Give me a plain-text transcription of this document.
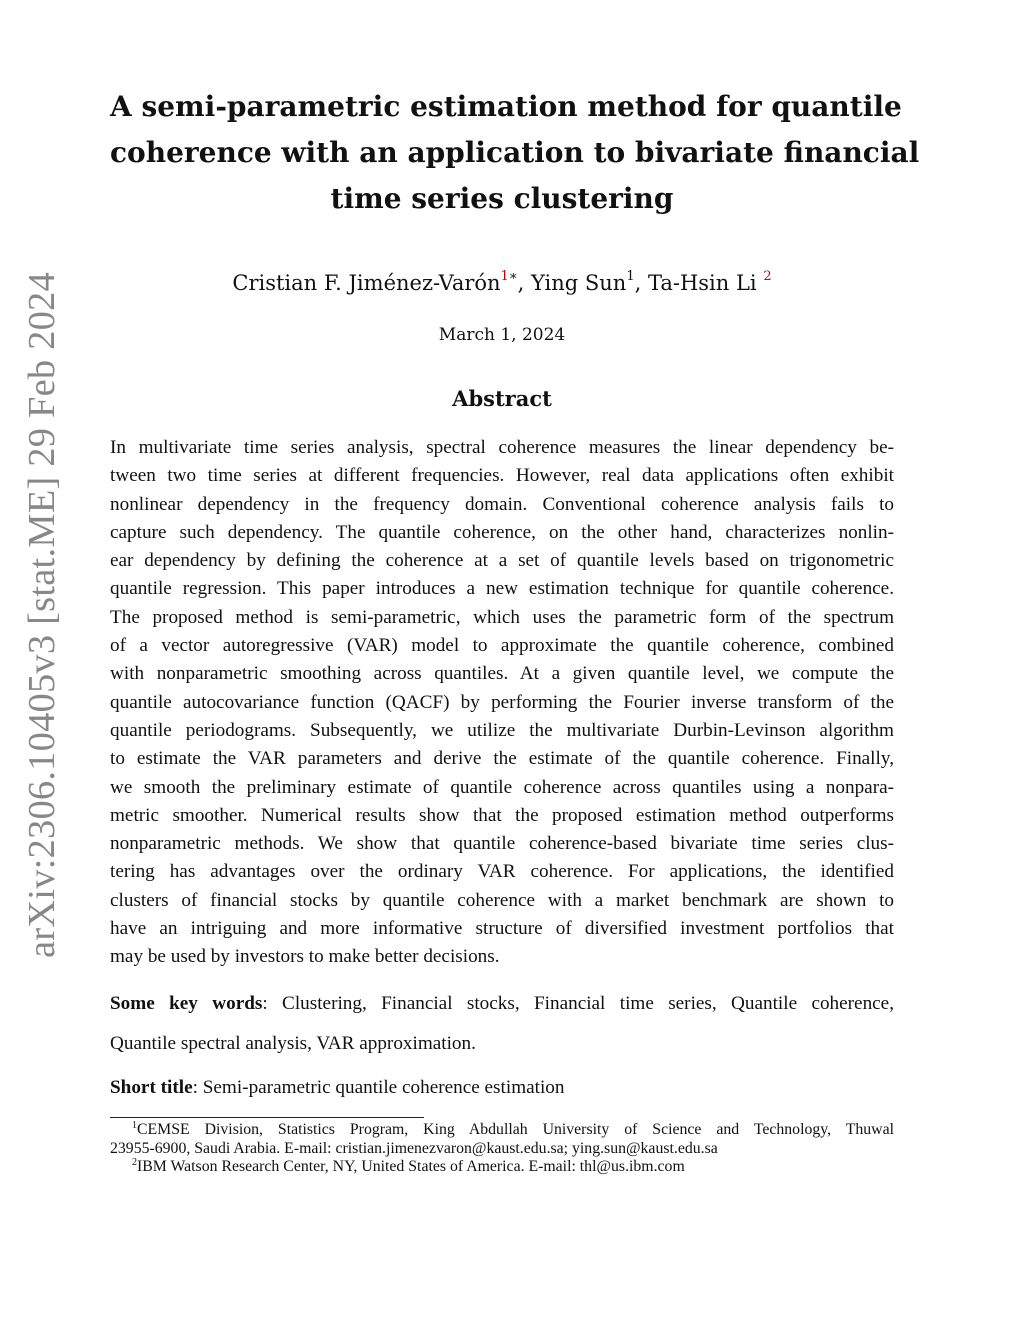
arXiv:2306.10405v3 [stat.ME] 29 Feb 2024
A semi-parametric estimation method for quantile
coherence with an application to bivariate financial
time series clustering
Cristian F. Jiménez-Varón$^{1∗}$, Ying Sun$^1$, Ta-Hsin Li $^2$
March 1, 2024
Abstract
In multivariate time series analysis, spectral coherence measures the linear dependency be-
tween two time series at different frequencies. However, real data applications often exhibit
nonlinear dependency in the frequency domain. Conventional coherence analysis fails to
capture such dependency. The quantile coherence, on the other hand, characterizes nonlin-
ear dependency by defining the coherence at a set of quantile levels based on trigonometric
quantile regression. This paper introduces a new estimation technique for quantile coherence.
The proposed method is semi-parametric, which uses the parametric form of the spectrum
of a vector autoregressive (VAR) model to approximate the quantile coherence, combined
with nonparametric smoothing across quantiles. At a given quantile level, we compute the
quantile autocovariance function (QACF) by performing the Fourier inverse transform of the
quantile periodograms. Subsequently, we utilize the multivariate Durbin-Levinson algorithm
to estimate the VAR parameters and derive the estimate of the quantile coherence. Finally,
we smooth the preliminary estimate of quantile coherence across quantiles using a nonpara-
metric smoother. Numerical results show that the proposed estimation method outperforms
nonparametric methods. We show that quantile coherence-based bivariate time series clus-
tering has advantages over the ordinary VAR coherence. For applications, the identified
clusters of financial stocks by quantile coherence with a market benchmark are shown to
have an intriguing and more informative structure of diversified investment portfolios that
may be used by investors to make better decisions.
Some key words: Clustering, Financial stocks, Financial time series, Quantile coherence,
Quantile spectral analysis, VAR approximation.
Short title: Semi-parametric quantile coherence estimation
$^1$CEMSE Division, Statistics Program, King Abdullah University of Science and Technology, Thuwal
23955-6900, Saudi Arabia. E-mail: cristian.jimenezvaron@kaust.edu.sa; ying.sun@kaust.edu.sa
$^2$IBM Watson Research Center, NY, United States of America. E-mail: thl@us.ibm.com
